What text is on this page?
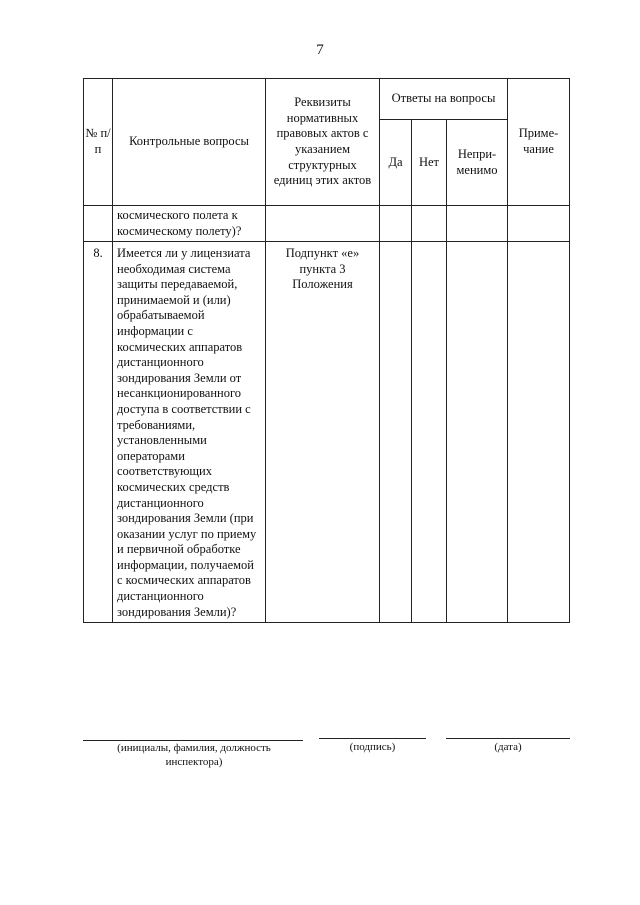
7
№ п/п	Контрольные вопросы	Реквизиты нормативных правовых актов с указанием структурных единиц этих актов	Ответы на вопросы			Приме-чание
			Да	Нет	Непри-менимо	
	космического полета к космическому полету)?					
8.	Имеется ли у лицензиата необходимая система защиты передаваемой, принимаемой и (или) обрабатываемой информации с космических аппаратов дистанционного зондирования Земли от несанкционированного доступа в соответствии с требованиями, установленными операторами соответствующих космических средств дистанционного зондирования Земли (при оказании услуг по приему и первичной обработке информации, получаемой с космических аппаратов дистанционного зондирования Земли)?	Подпункт «е» пункта 3 Положения				
(инициалы, фамилия, должность инспектора)
(подпись)	(дата)
